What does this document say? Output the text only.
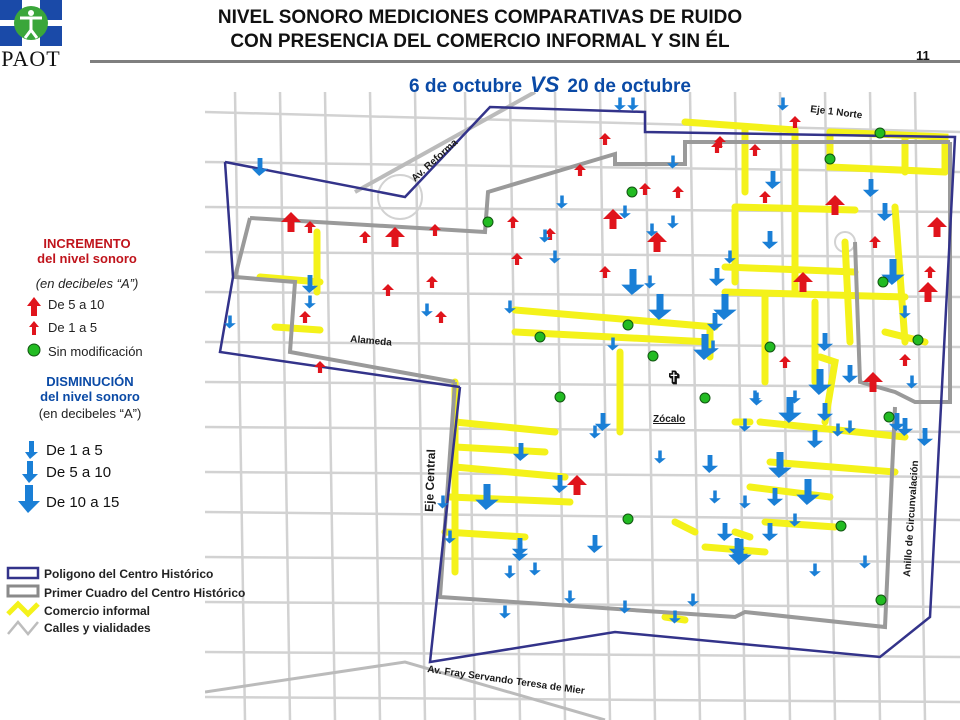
PAOT
NIVEL SONORO MEDICIONES COMPARATIVAS DE RUIDO
CON PRESENCIA DEL COMERCIO INFORMAL Y SIN ÉL
11
6 de octubre VS 20 de octubre
Av. Reforma
Eje 1 Norte
Alameda
Zócalo
Eje Central	Anillo de Circunvalación
Av. Fray Servando Teresa de Mier
✞
INCREMENTO
del nivel sonoro
(en decibeles “A”)
De 5 a 10
De 1 a 5
Sin modificación
DISMINUCIÓN
del nivel sonoro
(en decibeles “A”)
De 1 a 5
De 5 a 10
De 10 a 15
Poligono del Centro Histórico
Primer Cuadro del Centro Histórico
Comercio informal
Calles y vialidades
